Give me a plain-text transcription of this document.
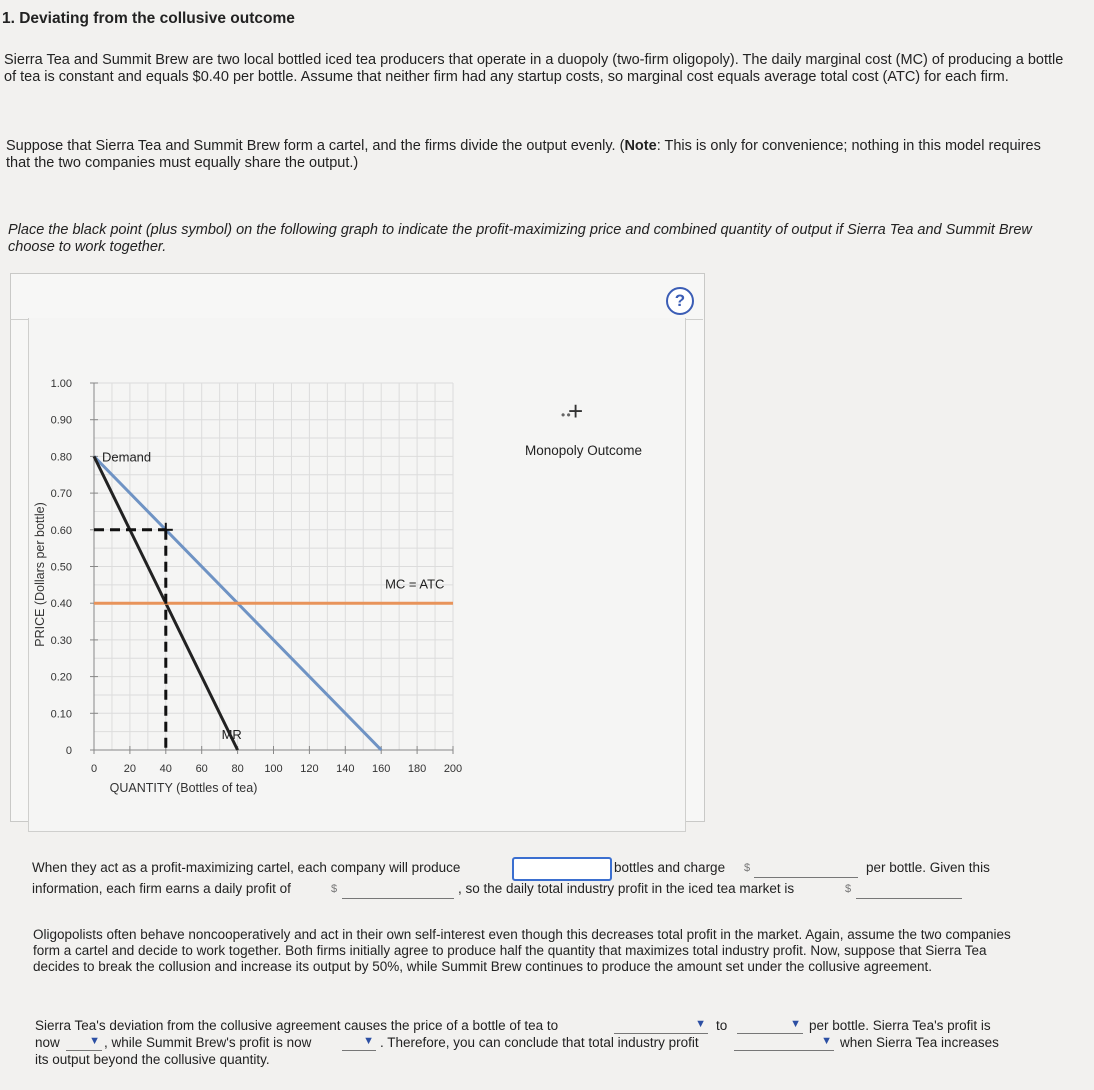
1. Deviating from the collusive outcome
Sierra Tea and Summit Brew are two local bottled iced tea producers that operate in a duopoly (two-firm oligopoly). The daily marginal cost (MC) of producing a bottle of tea is constant and equals $0.40 per bottle. Assume that neither firm had any startup costs, so marginal cost equals average total cost (ATC) for each firm.
Suppose that Sierra Tea and Summit Brew form a cartel, and the firms divide the output evenly. (Note: This is only for convenience; nothing in this model requires that the two companies must equally share the output.)
Place the black point (plus symbol) on the following graph to indicate the profit-maximizing price and combined quantity of output if Sierra Tea and Summit Brew choose to work together.
?
0 20 40 60 80 100 120 140 160 180 200
0
0.10
0.20
0.30
0.40
0.50
0.60
0.70
0.80
0.90
1.00
QUANTITY (Bottles of tea)
PRICE (Dollars per bottle)
Demand
MR
MC = ATC
• •
+
Monopoly Outcome
When they act as a profit-maximizing cartel, each company will produce	bottles and charge $	per bottle. Given this
information, each firm earns a daily profit of	$	, so the daily total industry profit in the iced tea market is	$
Oligopolists often behave noncooperatively and act in their own self-interest even though this decreases total profit in the market. Again, assume the two companies form a cartel and decide to work together. Both firms initially agree to produce half the quantity that maximizes total industry profit. Now, suppose that Sierra Tea decides to break the collusion and increase its output by 50%, while Summit Brew continues to produce the amount set under the collusive agreement.
Sierra Tea's deviation from the collusive agreement causes the price of a bottle of tea to	▼ to	▼ per bottle. Sierra Tea's profit is
now	▼ , while Summit Brew's profit is now	▼ . Therefore, you can conclude that total industry profit	▼ when Sierra Tea increases
its output beyond the collusive quantity.
